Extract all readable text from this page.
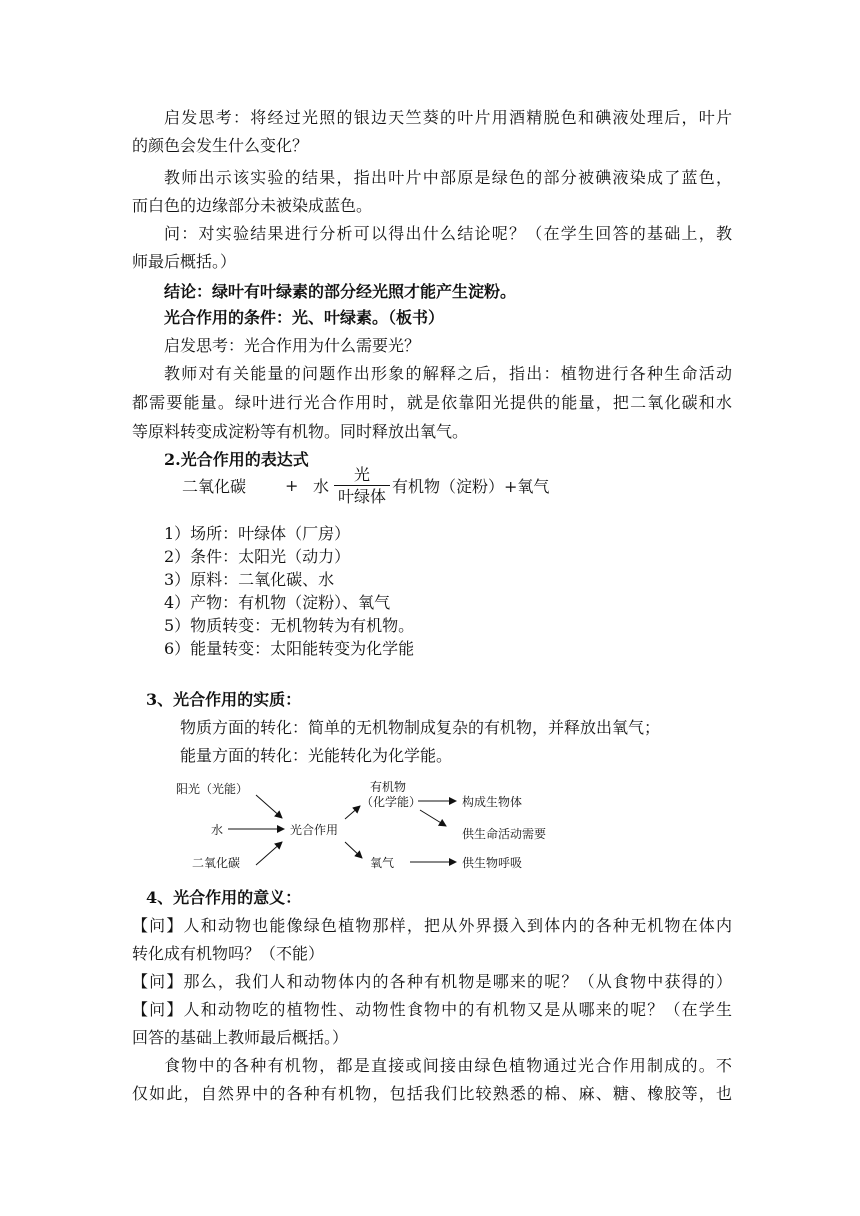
启发思考：将经过光照的银边天竺葵的叶片用酒精脱色和碘液处理后，叶片
的颜色会发生什么变化？
教师出示该实验的结果，指出叶片中部原是绿色的部分被碘液染成了蓝色，
而白色的边缘部分未被染成蓝色。
问：对实验结果进行分析可以得出什么结论呢？（在学生回答的基础上，教
师最后概括。）
结论：绿叶有叶绿素的部分经光照才能产生淀粉。
光合作用的条件：光、叶绿素。（板书）
启发思考：光合作用为什么需要光？
教师对有关能量的问题作出形象的解释之后，指出：植物进行各种生命活动
都需要能量。绿叶进行光合作用时，就是依靠阳光提供的能量，把二氧化碳和水
等原料转变成淀粉等有机物。同时释放出氧气。
2.光合作用的表达式
二氧化碳 + 水
光
叶绿体
有机物（淀粉）+氧气
1）场所：叶绿体（厂房）
2）条件：太阳光（动力）
3）原料：二氧化碳、水
4）产物：有机物（淀粉）、氧气
5）物质转变：无机物转为有机物。
6）能量转变：太阳能转变为化学能
3、光合作用的实质：
物质方面的转化：简单的无机物制成复杂的有机物，并释放出氧气；
能量方面的转化：光能转化为化学能。
阳光（光能）
水
二氧化碳
光合作用
有机物
（化学能）
氧气
构成生物体
供生命活动需要
供生物呼吸
4、光合作用的意义：
【问】人和动物也能像绿色植物那样，把从外界摄入到体内的各种无机物在体内
转化成有机物吗？（不能）
【问】那么，我们人和动物体内的各种有机物是哪来的呢？（从食物中获得的）
【问】人和动物吃的植物性、动物性食物中的有机物又是从哪来的呢？（在学生
回答的基础上教师最后概括。）
食物中的各种有机物，都是直接或间接由绿色植物通过光合作用制成的。不
仅如此，自然界中的各种有机物，包括我们比较熟悉的棉、麻、糖、橡胶等，也
